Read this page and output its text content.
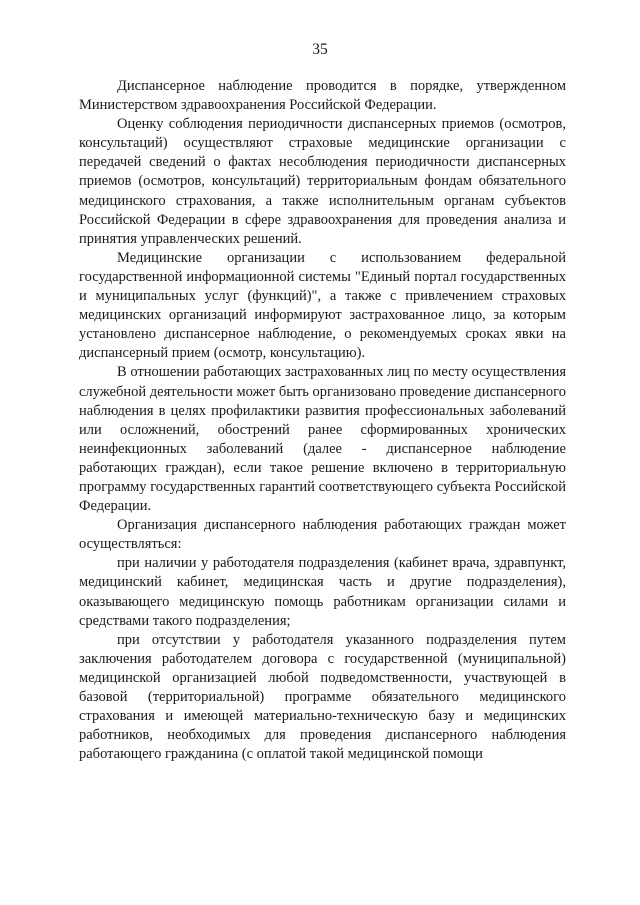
35

Диспансерное наблюдение проводится в порядке, утвержденном Министерством здравоохранения Российской Федерации.

Оценку соблюдения периодичности диспансерных приемов (осмотров, консультаций) осуществляют страховые медицинские организации с передачей сведений о фактах несоблюдения периодичности диспансерных приемов (осмотров, консультаций) территориальным фондам обязательного медицинского страхования, а также исполнительным органам субъектов Российской Федерации в сфере здравоохранения для проведения анализа и принятия управленческих решений.

Медицинские организации с использованием федеральной государственной информационной системы "Единый портал государственных и муниципальных услуг (функций)", а также с привлечением страховых медицинских организаций информируют застрахованное лицо, за которым установлено диспансерное наблюдение, о рекомендуемых сроках явки на диспансерный прием (осмотр, консультацию).

В отношении работающих застрахованных лиц по месту осуществления служебной деятельности может быть организовано проведение диспансерного наблюдения в целях профилактики развития профессиональных заболеваний или осложнений, обострений ранее сформированных хронических неинфекционных заболеваний (далее - диспансерное наблюдение работающих граждан), если такое решение включено в территориальную программу государственных гарантий соответствующего субъекта Российской Федерации.

Организация диспансерного наблюдения работающих граждан может осуществляться:

при наличии у работодателя подразделения (кабинет врача, здравпункт, медицинский кабинет, медицинская часть и другие подразделения), оказывающего медицинскую помощь работникам организации силами и средствами такого подразделения;

при отсутствии у работодателя указанного подразделения путем заключения работодателем договора с государственной (муниципальной) медицинской организацией любой подведомственности, участвующей в базовой (территориальной) программе обязательного медицинского страхования и имеющей материально-техническую базу и медицинских работников, необходимых для проведения диспансерного наблюдения работающего гражданина (с оплатой такой медицинской помощи
